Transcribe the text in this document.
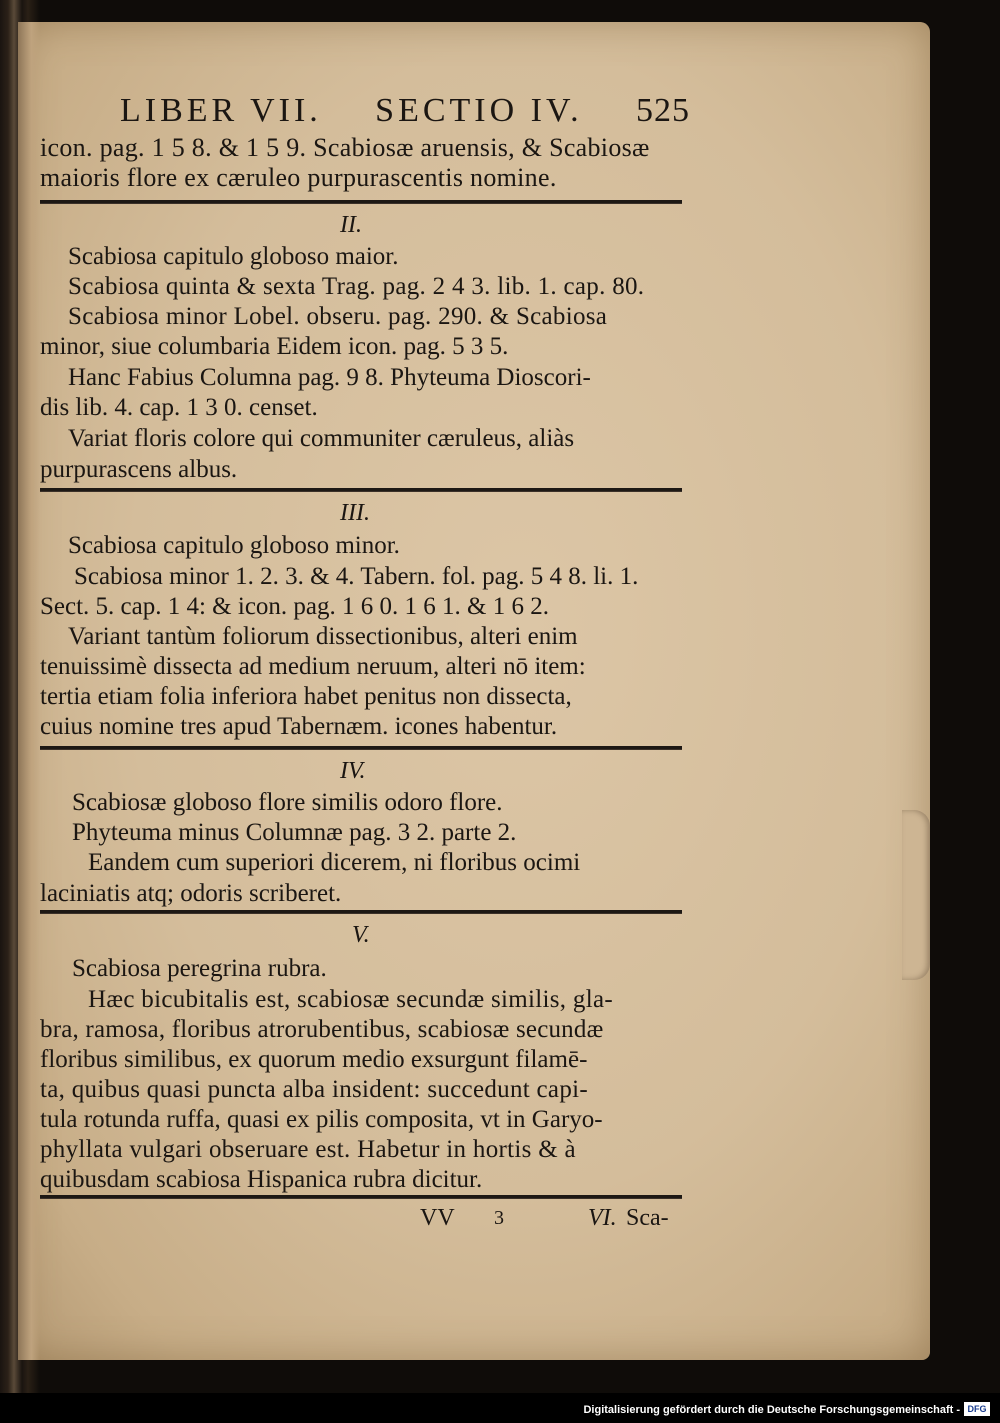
LIBER VII. SECTIO IV. 525
icon. pag. 1 5 8. & 1 5 9. Scabiosæ aruensis, & Scabiosæ
maioris flore ex cæruleo purpurascentis nomine.
II.
Scabiosa capitulo globoso maior.
Scabiosa quinta & sexta Trag. pag. 2 4 3. lib. 1. cap. 80.
Scabiosa minor Lobel. obseru. pag. 290. & Scabiosa
minor, siue columbaria Eidem icon. pag. 5 3 5.
Hanc Fabius Columna pag. 9 8. Phyteuma Dioscori-
dis lib. 4. cap. 1 3 0. censet.
Variat floris colore qui communiter cæruleus, aliàs
purpurascens albus.
III.
Scabiosa capitulo globoso minor.
Scabiosa minor 1. 2. 3. & 4. Tabern. fol. pag. 5 4 8. li. 1.
Sect. 5. cap. 1 4: & icon. pag. 1 6 0. 1 6 1. & 1 6 2.
Variant tantùm foliorum dissectionibus, alteri enim
tenuissimè dissecta ad medium neruum, alteri nō item:
tertia etiam folia inferiora habet penitus non dissecta,
cuius nomine tres apud Tabernæm. icones habentur.
IV.
Scabiosæ globoso flore similis odoro flore.
Phyteuma minus Columnæ pag. 3 2. parte 2.
Eandem cum superiori dicerem, ni floribus ocimi
laciniatis atq; odoris scriberet.
V.
Scabiosa peregrina rubra.
Hæc bicubitalis est, scabiosæ secundæ similis, gla-
bra, ramosa, floribus atrorubentibus, scabiosæ secundæ
floribus similibus, ex quorum medio exsurgunt filamē-
ta, quibus quasi puncta alba insident: succedunt capi-
tula rotunda ruffa, quasi ex pilis composita, vt in Garyo-
phyllata vulgari obseruare est. Habetur in hortis & à
quibusdam scabiosa Hispanica rubra dicitur.
VV 3	VI. Sca-
Digitalisierung gefördert durch die Deutsche Forschungsgemeinschaft - DFG
